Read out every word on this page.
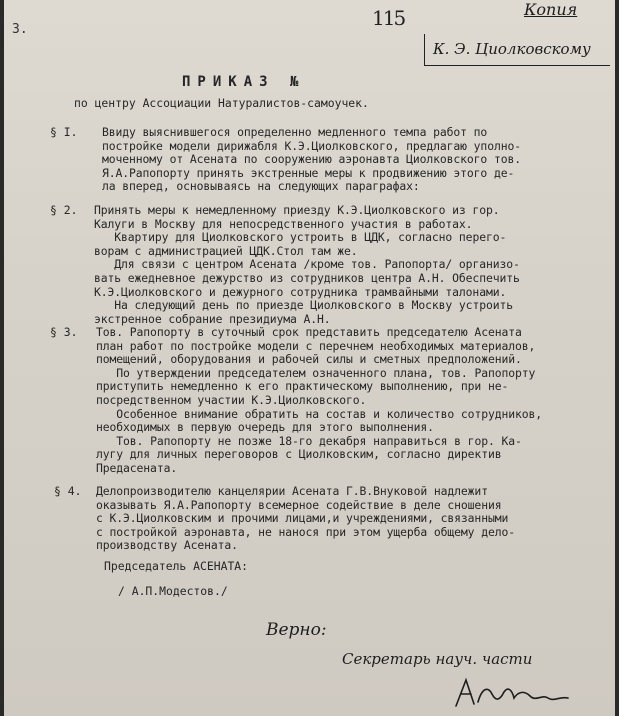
3.	115	Копия
К. Э. Циолковскому
ПРИКАЗ №
по центру Ассоциации Натуралистов-самоучек.
§ I. Ввиду выяснившегося определенно медленного темпа работ по
постройке модели дирижабля К.Э.Циолковского, предлагаю уполно-
моченному от Асената по сооружению аэронавта Циолковского тов.
Я.А.Рапопорту принять экстренные меры к продвижению этого де-
ла вперед, основываясь на следующих параграфах:
§ 2. Принять меры к немедленному приезду К.Э.Циолковского из гор.
Калуги в Москву для непосредственного участия в работах.
Квартиру для Циолковского устроить в ЦДК, согласно перего-
ворам с администрацией ЦДК.Стол там же.
Для связи с центром Асената /кроме тов. Рапопорта/ организо-
вать ежедневное дежурство из сотрудников центра А.Н. Обеспечить
К.Э.Циолковского и дежурного сотрудника трамвайными талонами.
На следующий день по приезде Циолковского в Москву устроить
экстренное собрание президиума А.Н.
§ 3. Тов. Рапопорту в суточный срок представить председателю Асената
план работ по постройке модели с перечнем необходимых материалов,
помещений, оборудования и рабочей силы и сметных предположений.
По утверждении председателем означенного плана, тов. Рапопорту
приступить немедленно к его практическому выполнению, при не-
посредственном участии К.Э.Циолковского.
Особенное внимание обратить на состав и количество сотрудников,
необходимых в первую очередь для этого выполнения.
Тов. Рапопорту не позже 18-го декабря направиться в гор. Ка-
лугу для личных переговоров с Циолковским, согласно директив
Предасената.
§ 4. Делопроизводителю канцелярии Асената Г.В.Внуковой надлежит
оказывать Я.А.Рапопорту всемерное содействие в деле сношения
с К.Э.Циолковским и прочими лицами,и учреждениями, связанными
с постройкой аэронавта, не нанося при этом ущерба общему дело-
производству Асената.
Председатель АСЕНАТА:
/ А.П.Модестов./
Верно:
Секретарь науч. части
